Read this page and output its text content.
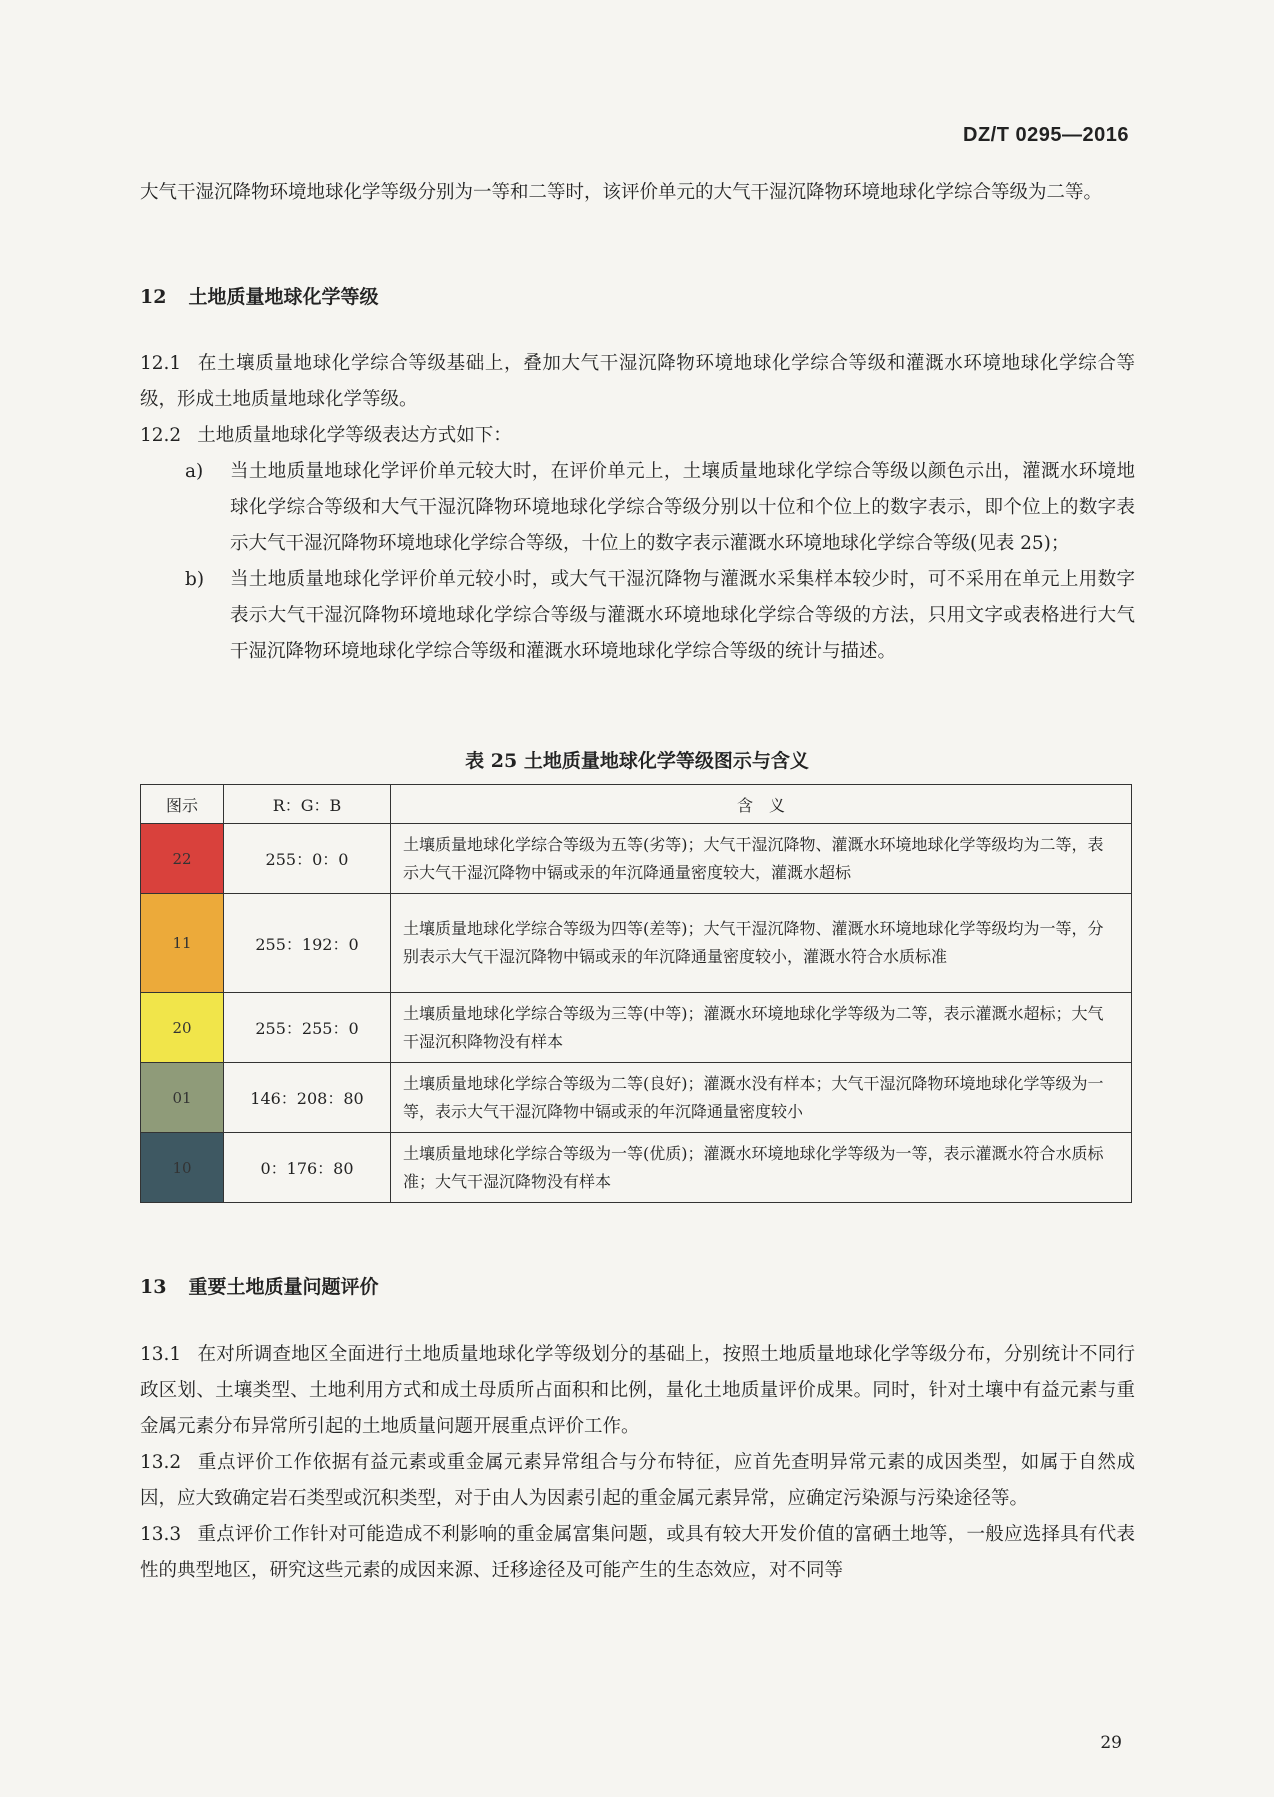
DZ/T 0295—2016

大气干湿沉降物环境地球化学等级分别为一等和二等时，该评价单元的大气干湿沉降物环境地球化学综合等级为二等。

12 土地质量地球化学等级

12.1 在土壤质量地球化学综合等级基础上，叠加大气干湿沉降物环境地球化学综合等级和灌溉水环境地球化学综合等级，形成土地质量地球化学等级。

12.2 土地质量地球化学等级表达方式如下：

a) 当土地质量地球化学评价单元较大时，在评价单元上，土壤质量地球化学综合等级以颜色示出，灌溉水环境地球化学综合等级和大气干湿沉降物环境地球化学综合等级分别以十位和个位上的数字表示，即个位上的数字表示大气干湿沉降物环境地球化学综合等级，十位上的数字表示灌溉水环境地球化学综合等级(见表 25)；

b) 当土地质量地球化学评价单元较小时，或大气干湿沉降物与灌溉水采集样本较少时，可不采用在单元上用数字表示大气干湿沉降物环境地球化学综合等级与灌溉水环境地球化学综合等级的方法，只用文字或表格进行大气干湿沉降物环境地球化学综合等级和灌溉水环境地球化学综合等级的统计与描述。

表 25 土地质量地球化学等级图示与含义
图示	R：G：B	含　义
22	255：0：0	土壤质量地球化学综合等级为五等(劣等)；大气干湿沉降物、灌溉水环境地球化学等级均为二等，表示大气干湿沉降物中镉或汞的年沉降通量密度较大，灌溉水超标
11	255：192：0	土壤质量地球化学综合等级为四等(差等)；大气干湿沉降物、灌溉水环境地球化学等级均为一等，分别表示大气干湿沉降物中镉或汞的年沉降通量密度较小，灌溉水符合水质标准
20	255：255：0	土壤质量地球化学综合等级为三等(中等)；灌溉水环境地球化学等级为二等，表示灌溉水超标；大气干湿沉积降物没有样本
01	146：208：80	土壤质量地球化学综合等级为二等(良好)；灌溉水没有样本；大气干湿沉降物环境地球化学等级为一等，表示大气干湿沉降物中镉或汞的年沉降通量密度较小
10	0：176：80	土壤质量地球化学综合等级为一等(优质)；灌溉水环境地球化学等级为一等，表示灌溉水符合水质标准；大气干湿沉降物没有样本
13 重要土地质量问题评价

13.1 在对所调查地区全面进行土地质量地球化学等级划分的基础上，按照土地质量地球化学等级分布，分别统计不同行政区划、土壤类型、土地利用方式和成土母质所占面积和比例，量化土地质量评价成果。同时，针对土壤中有益元素与重金属元素分布异常所引起的土地质量问题开展重点评价工作。

13.2 重点评价工作依据有益元素或重金属元素异常组合与分布特征，应首先查明异常元素的成因类型，如属于自然成因，应大致确定岩石类型或沉积类型，对于由人为因素引起的重金属元素异常，应确定污染源与污染途径等。

13.3 重点评价工作针对可能造成不利影响的重金属富集问题，或具有较大开发价值的富硒土地等，一般应选择具有代表性的典型地区，研究这些元素的成因来源、迁移途径及可能产生的生态效应，对不同等

29
